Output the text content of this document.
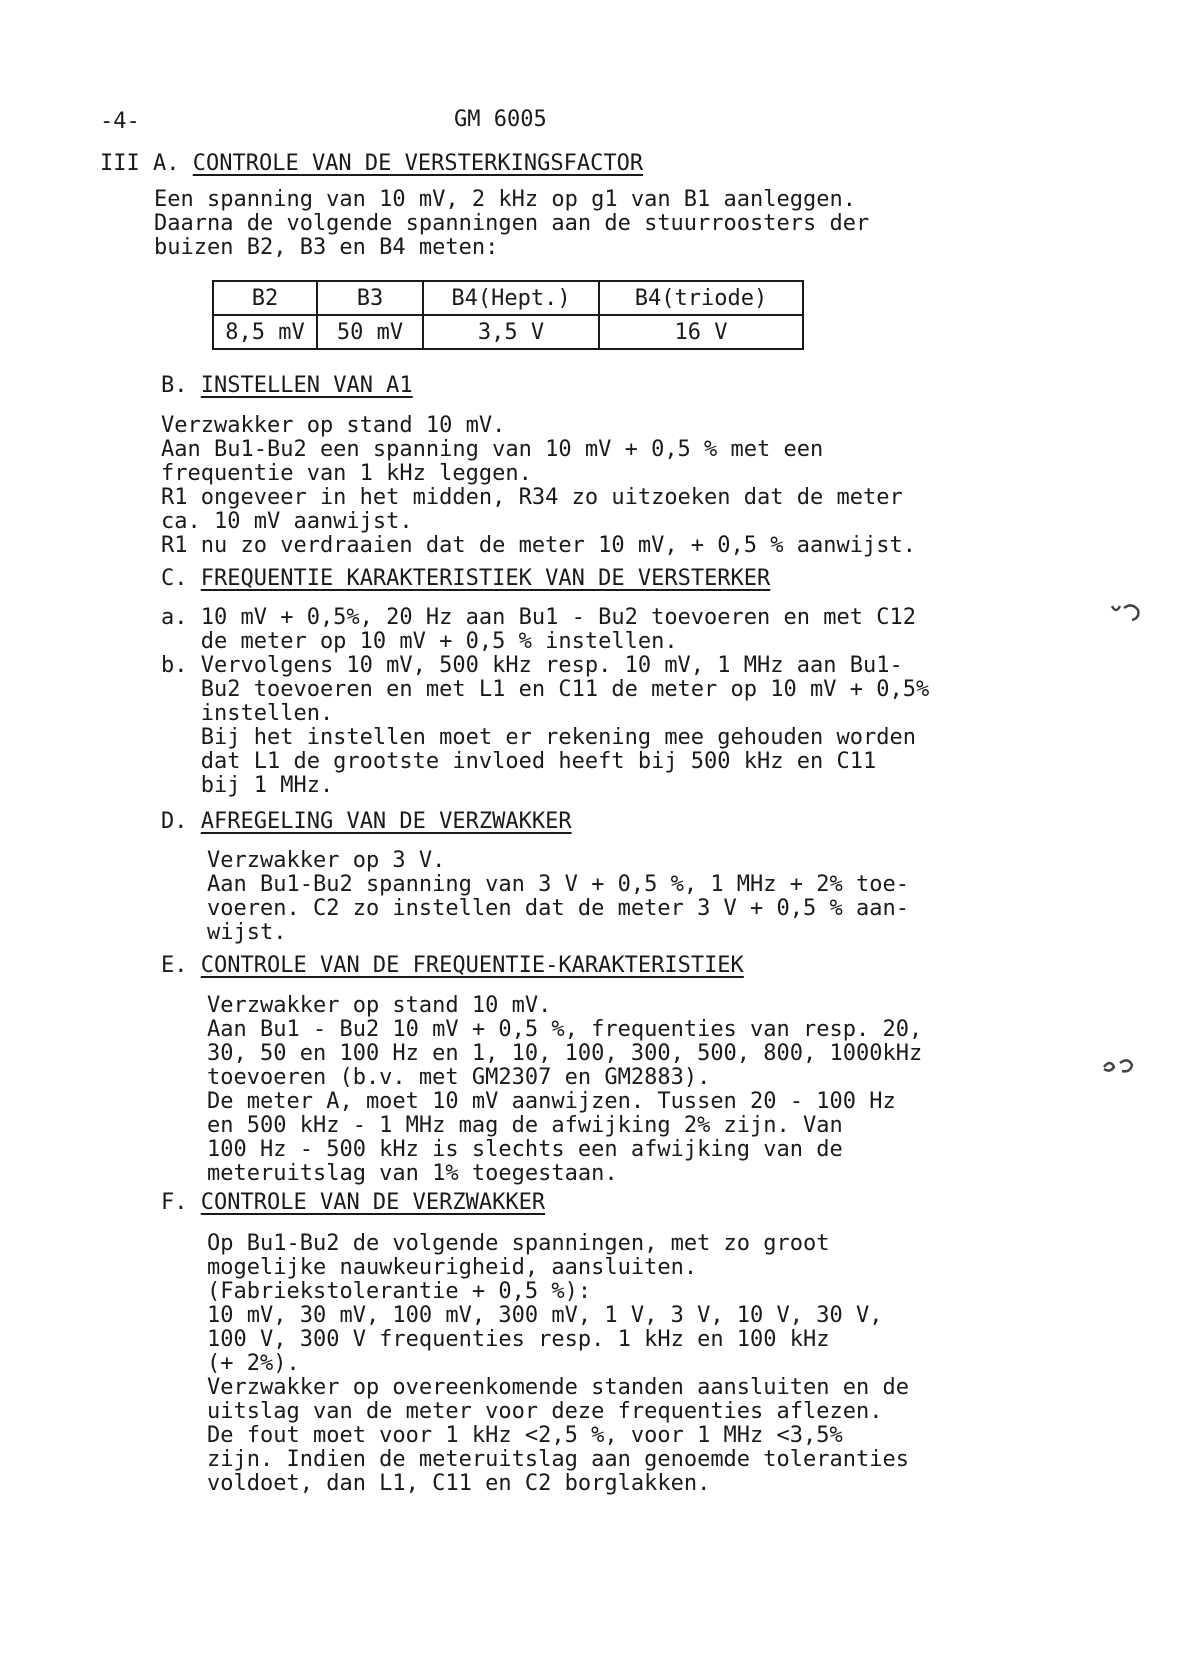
-4-	GM 6005
III A. CONTROLE VAN DE VERSTERKINGSFACTOR
Een spanning van 10 mV, 2 kHz op g1 van B1 aanleggen.
Daarna de volgende spanningen aan de stuurroosters der
buizen B2, B3 en B4 meten:
B2	B3	B4(Hept.)	B4(triode)
8,5 mV	50 mV	3,5 V	16 V
B. INSTELLEN VAN A1
Verzwakker op stand 10 mV.
Aan Bu1-Bu2 een spanning van 10 mV + 0,5 % met een
frequentie van 1 kHz leggen.
R1 ongeveer in het midden, R34 zo uitzoeken dat de meter
ca. 10 mV aanwijst.
R1 nu zo verdraaien dat de meter 10 mV, + 0,5 % aanwijst.
C. FREQUENTIE KARAKTERISTIEK VAN DE VERSTERKER
a. 10 mV + 0,5%, 20 Hz aan Bu1 - Bu2 toevoeren en met C12
de meter op 10 mV + 0,5 % instellen.
b. Vervolgens 10 mV, 500 kHz resp. 10 mV, 1 MHz aan Bu1-
Bu2 toevoeren en met L1 en C11 de meter op 10 mV + 0,5%
instellen.
Bij het instellen moet er rekening mee gehouden worden
dat L1 de grootste invloed heeft bij 500 kHz en C11
bij 1 MHz.
D. AFREGELING VAN DE VERZWAKKER
Verzwakker op 3 V.
Aan Bu1-Bu2 spanning van 3 V + 0,5 %, 1 MHz + 2% toe-
voeren. C2 zo instellen dat de meter 3 V + 0,5 % aan-
wijst.
E. CONTROLE VAN DE FREQUENTIE-KARAKTERISTIEK
Verzwakker op stand 10 mV.
Aan Bu1 - Bu2 10 mV + 0,5 %, frequenties van resp. 20,
30, 50 en 100 Hz en 1, 10, 100, 300, 500, 800, 1000kHz
toevoeren (b.v. met GM2307 en GM2883).
De meter A, moet 10 mV aanwijzen. Tussen 20 - 100 Hz
en 500 kHz - 1 MHz mag de afwijking 2% zijn. Van
100 Hz - 500 kHz is slechts een afwijking van de
meteruitslag van 1% toegestaan.
F. CONTROLE VAN DE VERZWAKKER
Op Bu1-Bu2 de volgende spanningen, met zo groot
mogelijke nauwkeurigheid, aansluiten.
(Fabriekstolerantie + 0,5 %):
10 mV, 30 mV, 100 mV, 300 mV, 1 V, 3 V, 10 V, 30 V,
100 V, 300 V frequenties resp. 1 kHz en 100 kHz
(+ 2%).
Verzwakker op overeenkomende standen aansluiten en de
uitslag van de meter voor deze frequenties aflezen.
De fout moet voor 1 kHz <2,5 %, voor 1 MHz <3,5%
zijn. Indien de meteruitslag aan genoemde toleranties
voldoet, dan L1, C11 en C2 borglakken.
